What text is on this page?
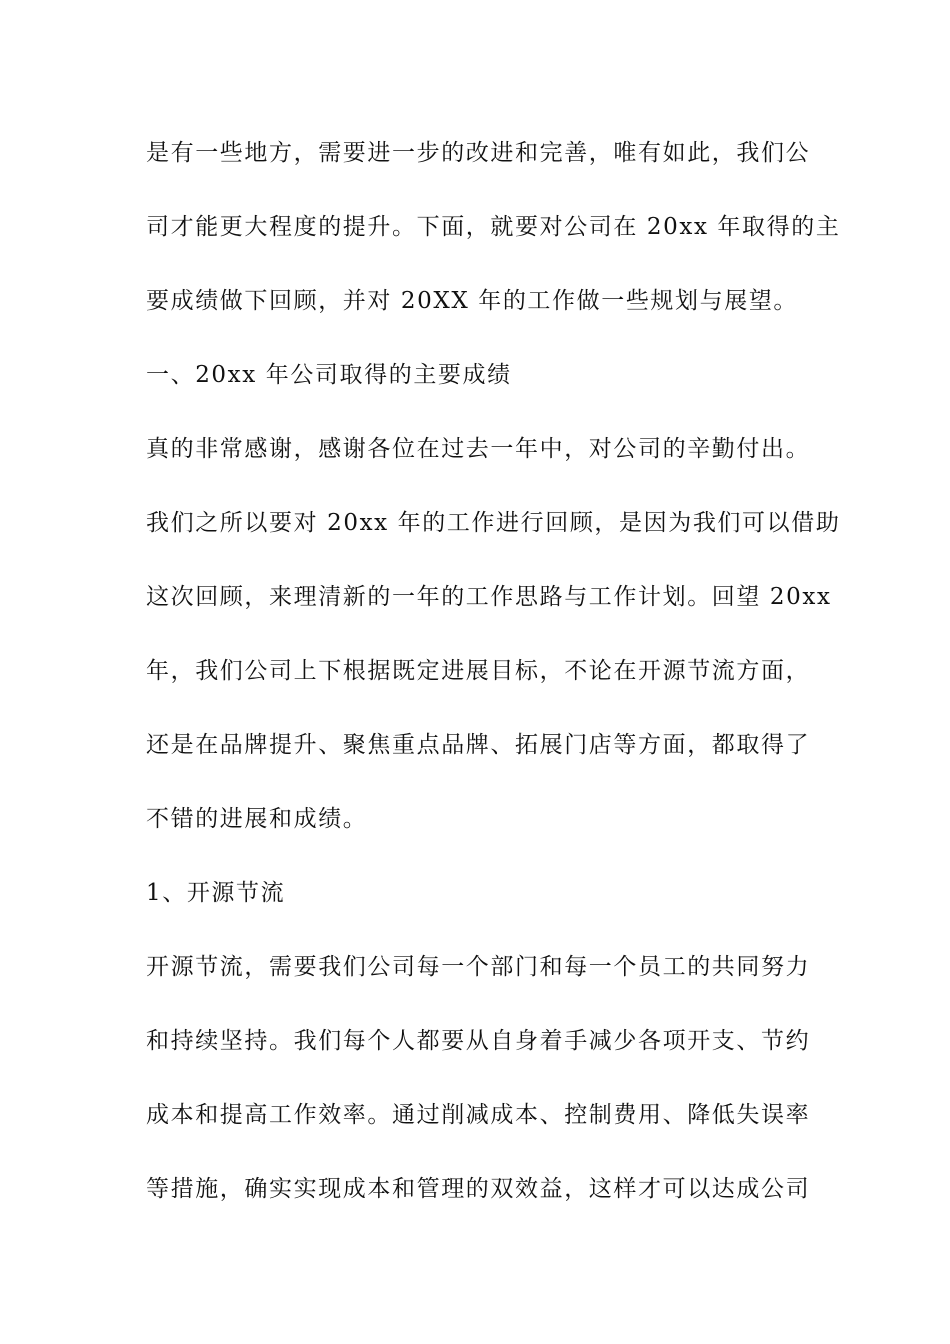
是有一些地方，需要进一步的改进和完善，唯有如此，我们公
司才能更大程度的提升。下面，就要对公司在 20xx 年取得的主
要成绩做下回顾，并对 20XX 年的工作做一些规划与展望。
一、20xx 年公司取得的主要成绩
真的非常感谢，感谢各位在过去一年中，对公司的辛勤付出。
我们之所以要对 20xx 年的工作进行回顾，是因为我们可以借助
这次回顾，来理清新的一年的工作思路与工作计划。回望 20xx
年，我们公司上下根据既定进展目标，不论在开源节流方面，
还是在品牌提升、聚焦重点品牌、拓展门店等方面，都取得了
不错的进展和成绩。
1、开源节流
开源节流，需要我们公司每一个部门和每一个员工的共同努力
和持续坚持。我们每个人都要从自身着手减少各项开支、节约
成本和提高工作效率。通过削减成本、控制费用、降低失误率
等措施，确实实现成本和管理的双效益，这样才可以达成公司
